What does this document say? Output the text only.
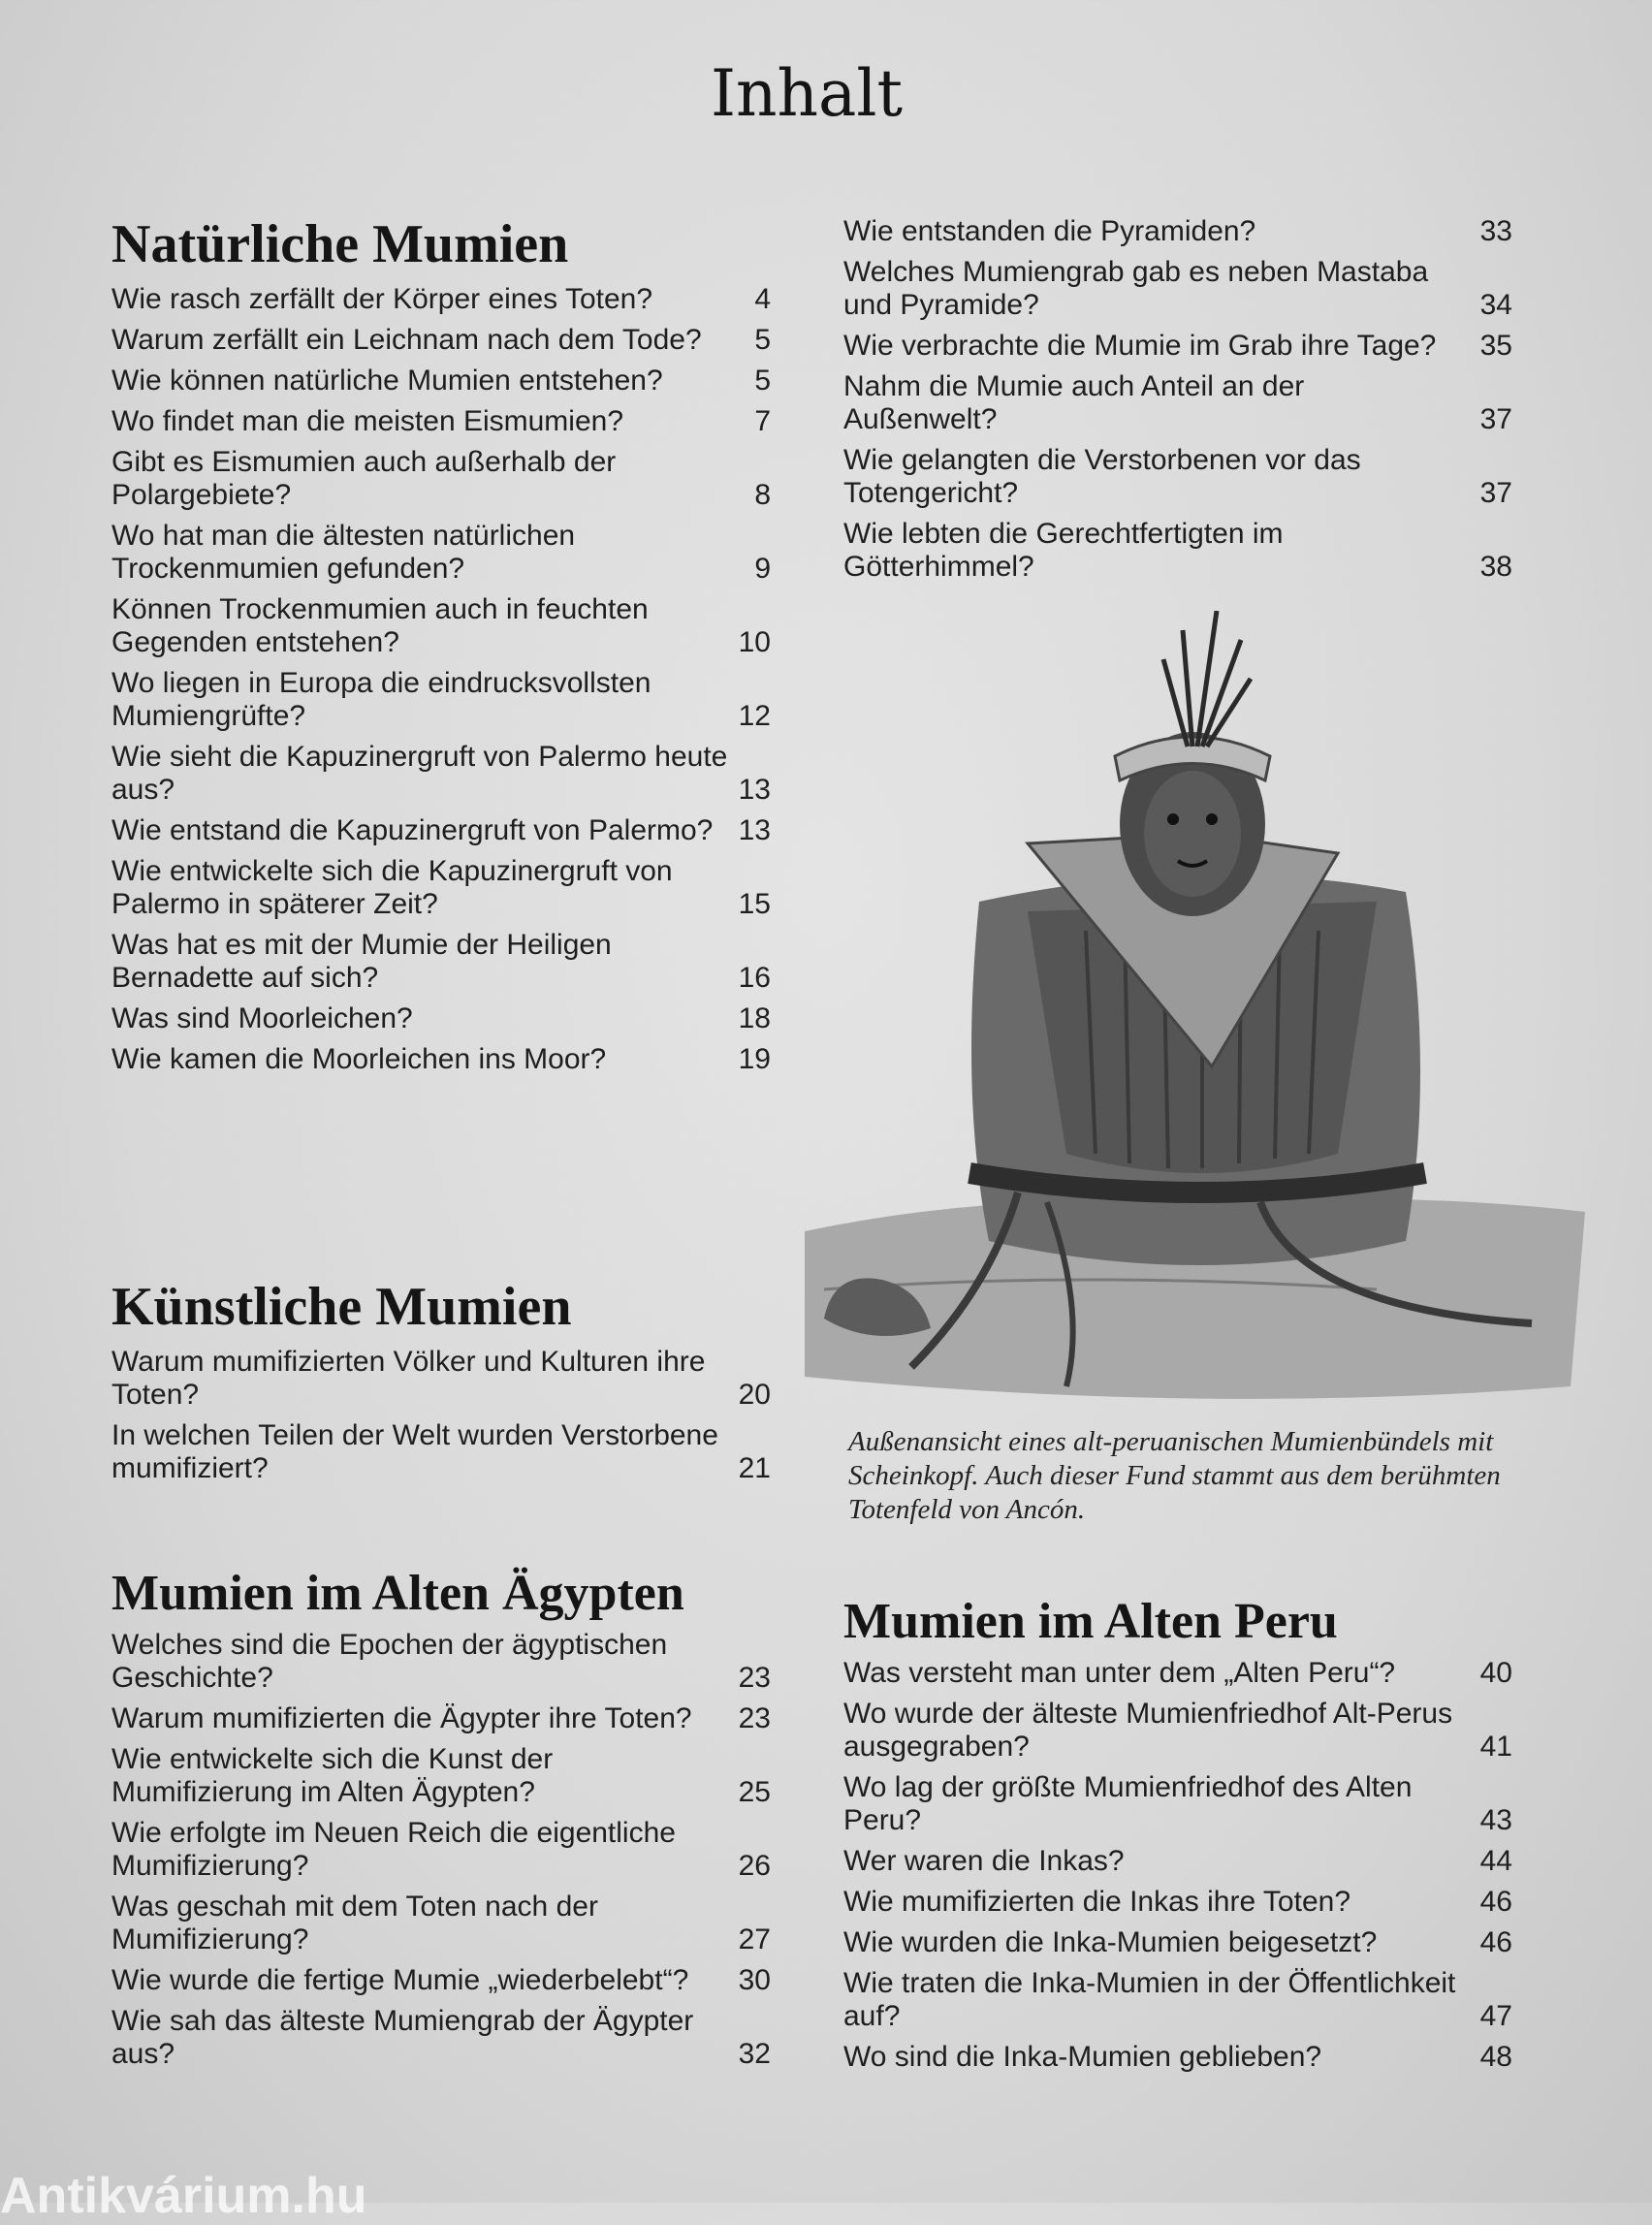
Inhalt
Natürliche Mumien
Wie rasch zerfällt der Körper eines Toten?	4
Warum zerfällt ein Leichnam nach dem Tode?	5
Wie können natürliche Mumien entstehen?	5
Wo findet man die meisten Eismumien?	7
Gibt es Eismumien auch außerhalb der Polargebiete?	8
Wo hat man die ältesten natürlichen Trockenmumien gefunden?	9
Können Trockenmumien auch in feuchten Gegenden entstehen?	10
Wo liegen in Europa die eindrucksvollsten Mumiengrüfte?	12
Wie sieht die Kapuzinergruft von Palermo heute aus?	13
Wie entstand die Kapuzinergruft von Palermo? 13
Wie entwickelte sich die Kapuzinergruft von Palermo in späterer Zeit?	15
Was hat es mit der Mumie der Heiligen Bernadette auf sich?	16
Was sind Moorleichen?	18
Wie kamen die Moorleichen ins Moor?	19
Künstliche Mumien
Warum mumifizierten Völker und Kulturen ihre Toten?	20
In welchen Teilen der Welt wurden Verstorbene mumifiziert?	21
Mumien im Alten Ägypten
Welches sind die Epochen der ägyptischen Geschichte?	23
Warum mumifizierten die Ägypter ihre Toten?	23
Wie entwickelte sich die Kunst der Mumifizierung im Alten Ägypten?	25
Wie erfolgte im Neuen Reich die eigentliche Mumifizierung?	26
Was geschah mit dem Toten nach der Mumifizierung?	27
Wie wurde die fertige Mumie „wiederbelebt“?	30
Wie sah das älteste Mumiengrab der Ägypter aus?	32
Wie entstanden die Pyramiden?	33
Welches Mumiengrab gab es neben Mastaba und Pyramide?	34
Wie verbrachte die Mumie im Grab ihre Tage?	35
Nahm die Mumie auch Anteil an der Außenwelt?	37
Wie gelangten die Verstorbenen vor das Totengericht?	37
Wie lebten die Gerechtfertigten im Götterhimmel?	38
Außenansicht eines alt-peruanischen Mumienbündels mit Scheinkopf. Auch dieser Fund stammt aus dem berühmten Totenfeld von Ancón.
Mumien im Alten Peru
Was versteht man unter dem „Alten Peru“?	40
Wo wurde der älteste Mumienfriedhof Alt-Perus ausgegraben?	41
Wo lag der größte Mumienfriedhof des Alten Peru?	43
Wer waren die Inkas?	44
Wie mumifizierten die Inkas ihre Toten?	46
Wie wurden die Inka-Mumien beigesetzt?	46
Wie traten die Inka-Mumien in der Öffentlichkeit auf?	47
Wo sind die Inka-Mumien geblieben?	48
Antikvárium.hu
